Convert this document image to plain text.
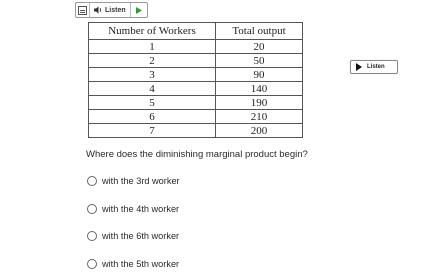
Listen
Number of Workers	Total output
1	20
2	50
3	90
4	140
5	190
6	210
7	200
Listen
Where does the diminishing marginal product begin?
with the 3rd worker
with the 4th worker
with the 6th worker
with the 5th worker
